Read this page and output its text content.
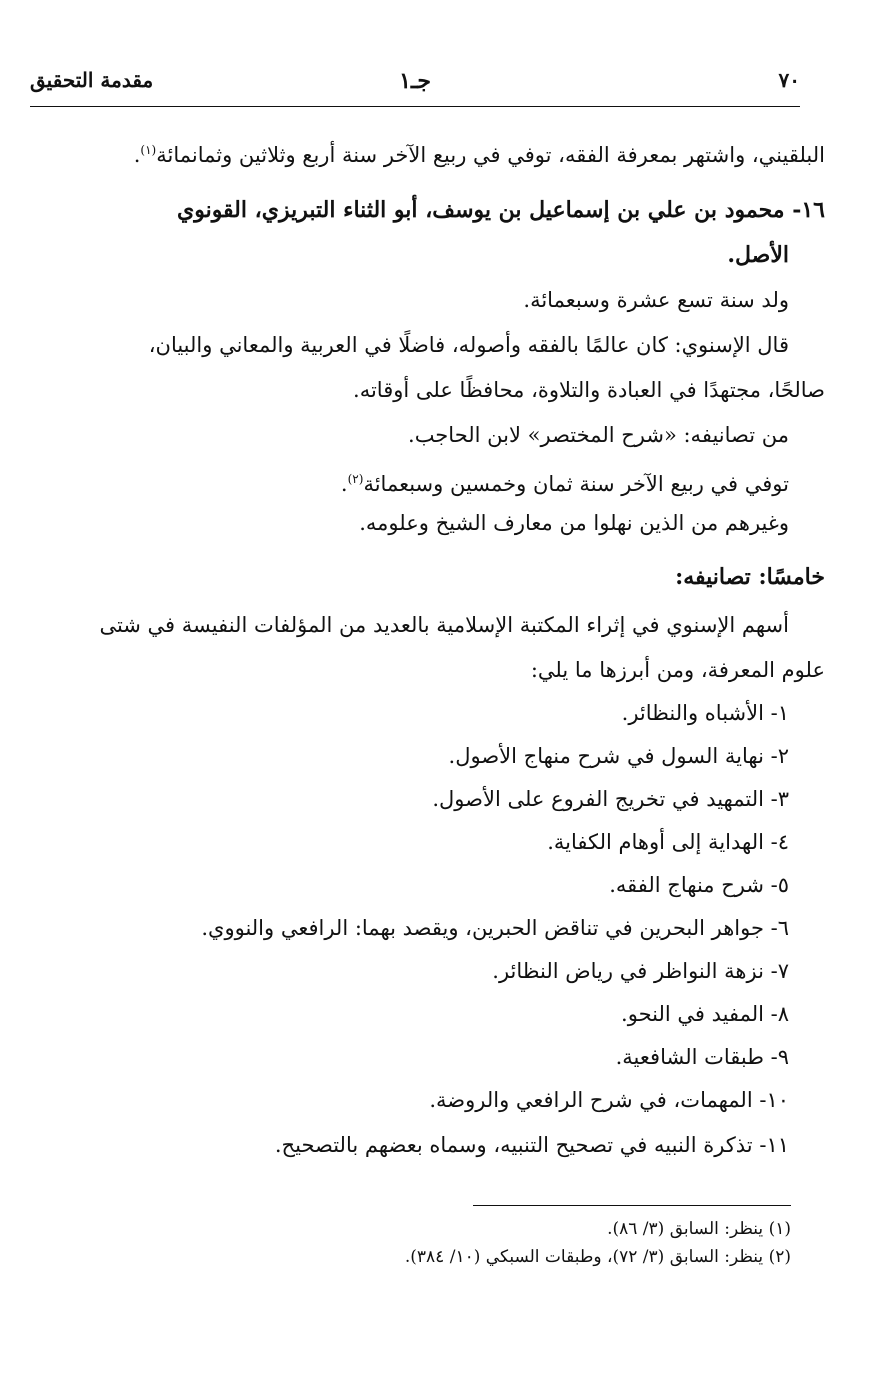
٧٠
جـ١
مقدمة التحقيق
البلقيني، واشتهر بمعرفة الفقه، توفي في ربيع الآخر سنة أربع وثلاثين وثمانمائة$^{(١)}$.
١٦- محمود بن علي بن إسماعيل بن يوسف، أبو الثناء التبريزي، القونوي
الأصل.
ولد سنة تسع عشرة وسبعمائة.
قال الإسنوي: كان عالمًا بالفقه وأصوله، فاضلًا في العربية والمعاني والبيان،
صالحًا، مجتهدًا في العبادة والتلاوة، محافظًا على أوقاته.
من تصانيفه: «شرح المختصر» لابن الحاجب.
توفي في ربيع الآخر سنة ثمان وخمسين وسبعمائة$^{(٢)}$.
وغيرهم من الذين نهلوا من معارف الشيخ وعلومه.
خامسًا: تصانيفه:
أسهم الإسنوي في إثراء المكتبة الإسلامية بالعديد من المؤلفات النفيسة في شتى
علوم المعرفة، ومن أبرزها ما يلي:
١- الأشباه والنظائر.
٢- نهاية السول في شرح منهاج الأصول.
٣- التمهيد في تخريج الفروع على الأصول.
٤- الهداية إلى أوهام الكفاية.
٥- شرح منهاج الفقه.
٦- جواهر البحرين في تناقض الحبرين، ويقصد بهما: الرافعي والنووي.
٧- نزهة النواظر في رياض النظائر.
٨- المفيد في النحو.
٩- طبقات الشافعية.
١٠- المهمات، في شرح الرافعي والروضة.
١١- تذكرة النبيه في تصحيح التنبيه، وسماه بعضهم بالتصحيح.
(١) ينظر: السابق (٣/ ٨٦).
(٢) ينظر: السابق (٣/ ٧٢)، وطبقات السبكي (١٠/ ٣٨٤).
